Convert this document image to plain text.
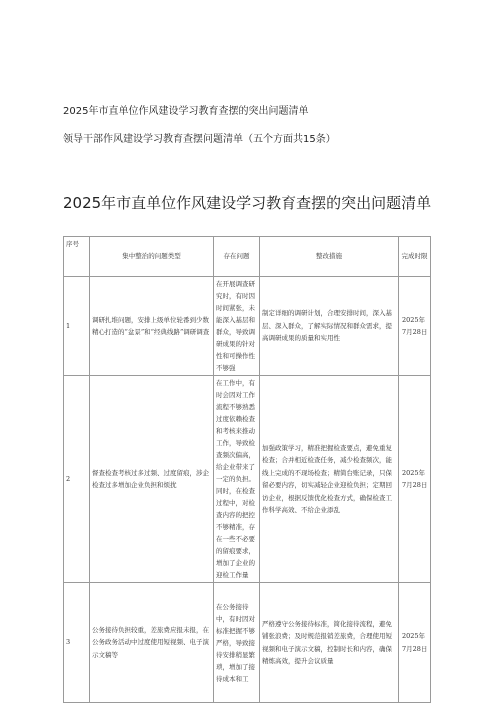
2025年市直单位作风建设学习教育查摆的突出问题清单
领导干部作风建设学习教育查摆问题清单（五个方面共15条）
2025年市直单位作风建设学习教育查摆的突出问题清单
序号	集中整治的问题类型	存在问题	整改措施	完成时限
1	调研扎堆问题，安排上级单位轮番到少数精心打造的“盆景”和“经典线路”调研调查	在开展调查研究时，有时因时间紧张，未能深入基层和群众，导致调研成果的针对性和可操作性不够强	制定详细的调研计划，合理安排时间，深入基层、深入群众，了解实际情况和群众需求，提高调研成果的质量和实用性	2025年7月28日
2	督查检查考核过多过频、过度留痕，涉企检查过多增加企业负担和烦扰	在工作中，有时会因对工作流程不够熟悉过度依赖检查和考核来推动工作，导致检查频次偏高，给企业带来了一定的负担。同时，在检查过程中，对检查内容的把控不够精准，存在一些不必要的留痕要求，增加了企业的迎检工作量	加强政策学习，精准把握检查要点，避免重复检查；合并相近检查任务，减少检查频次，能线上完成的不现场检查；精简台账记录，只保留必要内容，切实减轻企业迎检负担；定期回访企业，根据反馈优化检查方式，确保检查工作科学高效、不给企业添乱	2025年7月28日
3	公务接待负担较重，差旅费应报未报，在公务政务活动中过度使用短视频、电子演示文稿等	在公务接待中，有时因对标准把握不够严格，导致接待安排稍显繁琐，增加了接待成本和工	严格遵守公务接待标准，简化接待流程，避免铺张浪费；及时规范报销差旅费，合理使用短视频和电子演示文稿，控制时长和内容，确保精炼高效，提升会议质量	2025年7月28日
